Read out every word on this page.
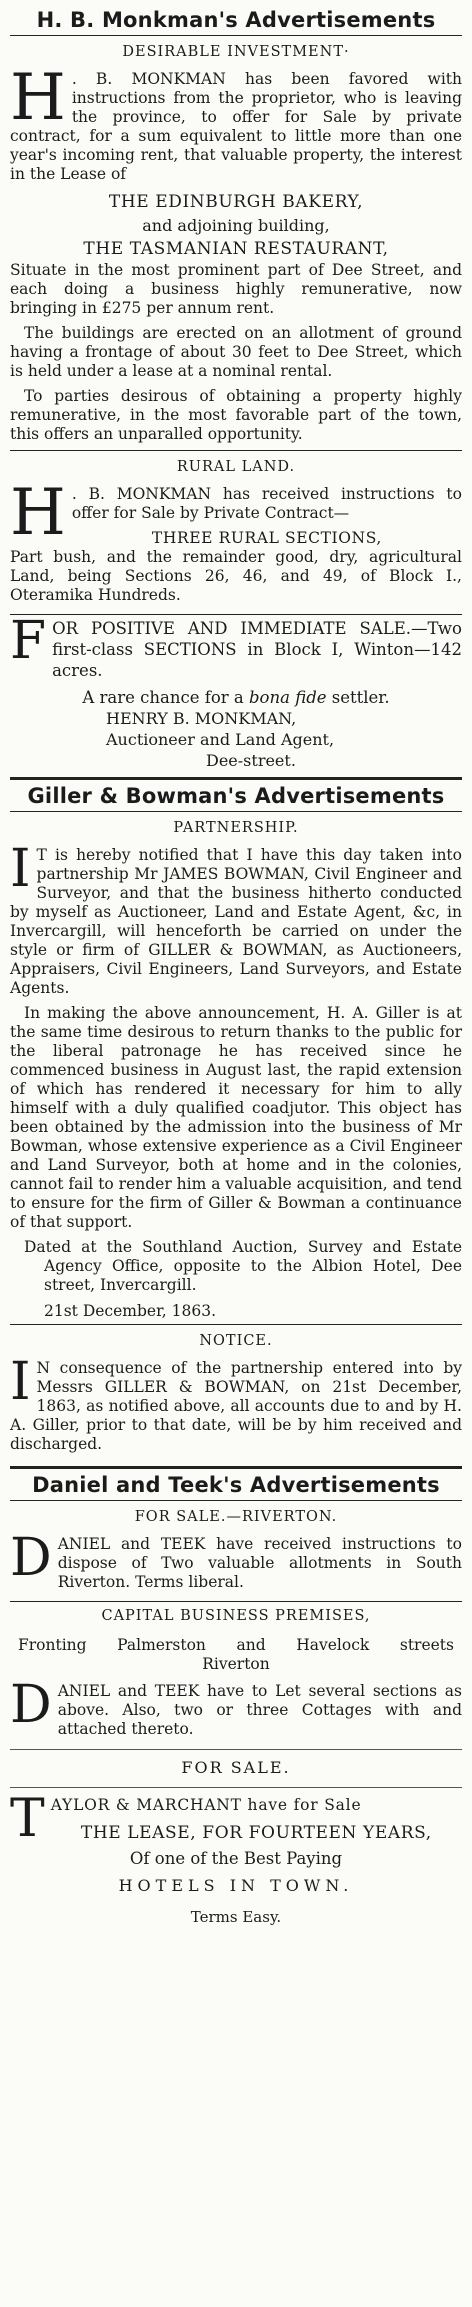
H. B. Monkman's Advertisements
DESIRABLE INVESTMENT·
H . B. MONKMAN has been favored with instructions from the proprietor, who is leaving the province, to offer for Sale by private contract, for a sum equivalent to little more than one year's incoming rent, that valuable property, the interest in the Lease of
THE EDINBURGH BAKERY,
and adjoining building,
THE TASMANIAN RESTAURANT,
Situate in the most prominent part of Dee Street, and each doing a business highly remunerative, now bringing in £275 per annum rent.
The buildings are erected on an allotment of ground having a frontage of about 30 feet to Dee Street, which is held under a lease at a nominal rental.
To parties desirous of obtaining a property highly remunerative, in the most favorable part of the town, this offers an unparalled opportunity.
RURAL LAND.
H . B. MONKMAN has received instructions to offer for Sale by Private Contract—
THREE RURAL SECTIONS,
Part bush, and the remainder good, dry, agricultural Land, being Sections 26, 46, and 49, of Block I., Oteramika Hundreds.
FOR POSITIVE AND IMMEDIATE SALE.—Two first-class SECTIONS in Block I, Winton—142 acres.
A rare chance for a bona fide settler.
HENRY B. MONKMAN,
Auctioneer and Land Agent,
Dee-street.
Giller & Bowman's Advertisements
PARTNERSHIP.
I T is hereby notified that I have this day taken into partnership Mr JAMES BOWMAN, Civil Engineer and Surveyor, and that the business hitherto conducted by myself as Auctioneer, Land and Estate Agent, &c, in Invercargill, will henceforth be carried on under the style or firm of GILLER & BOWMAN, as Auctioneers, Appraisers, Civil Engineers, Land Surveyors, and Estate Agents.
In making the above announcement, H. A. Giller is at the same time desirous to return thanks to the public for the liberal patronage he has received since he commenced business in August last, the rapid extension of which has rendered it necessary for him to ally himself with a duly qualified coadjutor. This object has been obtained by the admission into the business of Mr Bowman, whose extensive experience as a Civil Engineer and Land Surveyor, both at home and in the colonies, cannot fail to render him a valuable acquisition, and tend to ensure for the firm of Giller & Bowman a continuance of that support.
Dated at the Southland Auction, Survey and Estate Agency Office, opposite to the Albion Hotel, Dee street, Invercargill.
21st December, 1863.
NOTICE.
I N consequence of the partnership entered into by Messrs GILLER & BOWMAN, on 21st December, 1863, as notified above, all accounts due to and by H. A. Giller, prior to that date, will be by him received and discharged.
Daniel and Teek's Advertisements
FOR SALE.—RIVERTON.
DANIEL and TEEK have received instructions to dispose of Two valuable allotments in South Riverton. Terms liberal.
CAPITAL BUSINESS PREMISES,
Fronting Palmerston and Havelock streets
Riverton
DANIEL and TEEK have to Let several sections as above. Also, two or three Cottages with and attached thereto.
FOR SALE.
TAYLOR & MARCHANT have for Sale
THE LEASE, FOR FOURTEEN YEARS,
Of one of the Best Paying
HOTELS IN TOWN.
Terms Easy.
